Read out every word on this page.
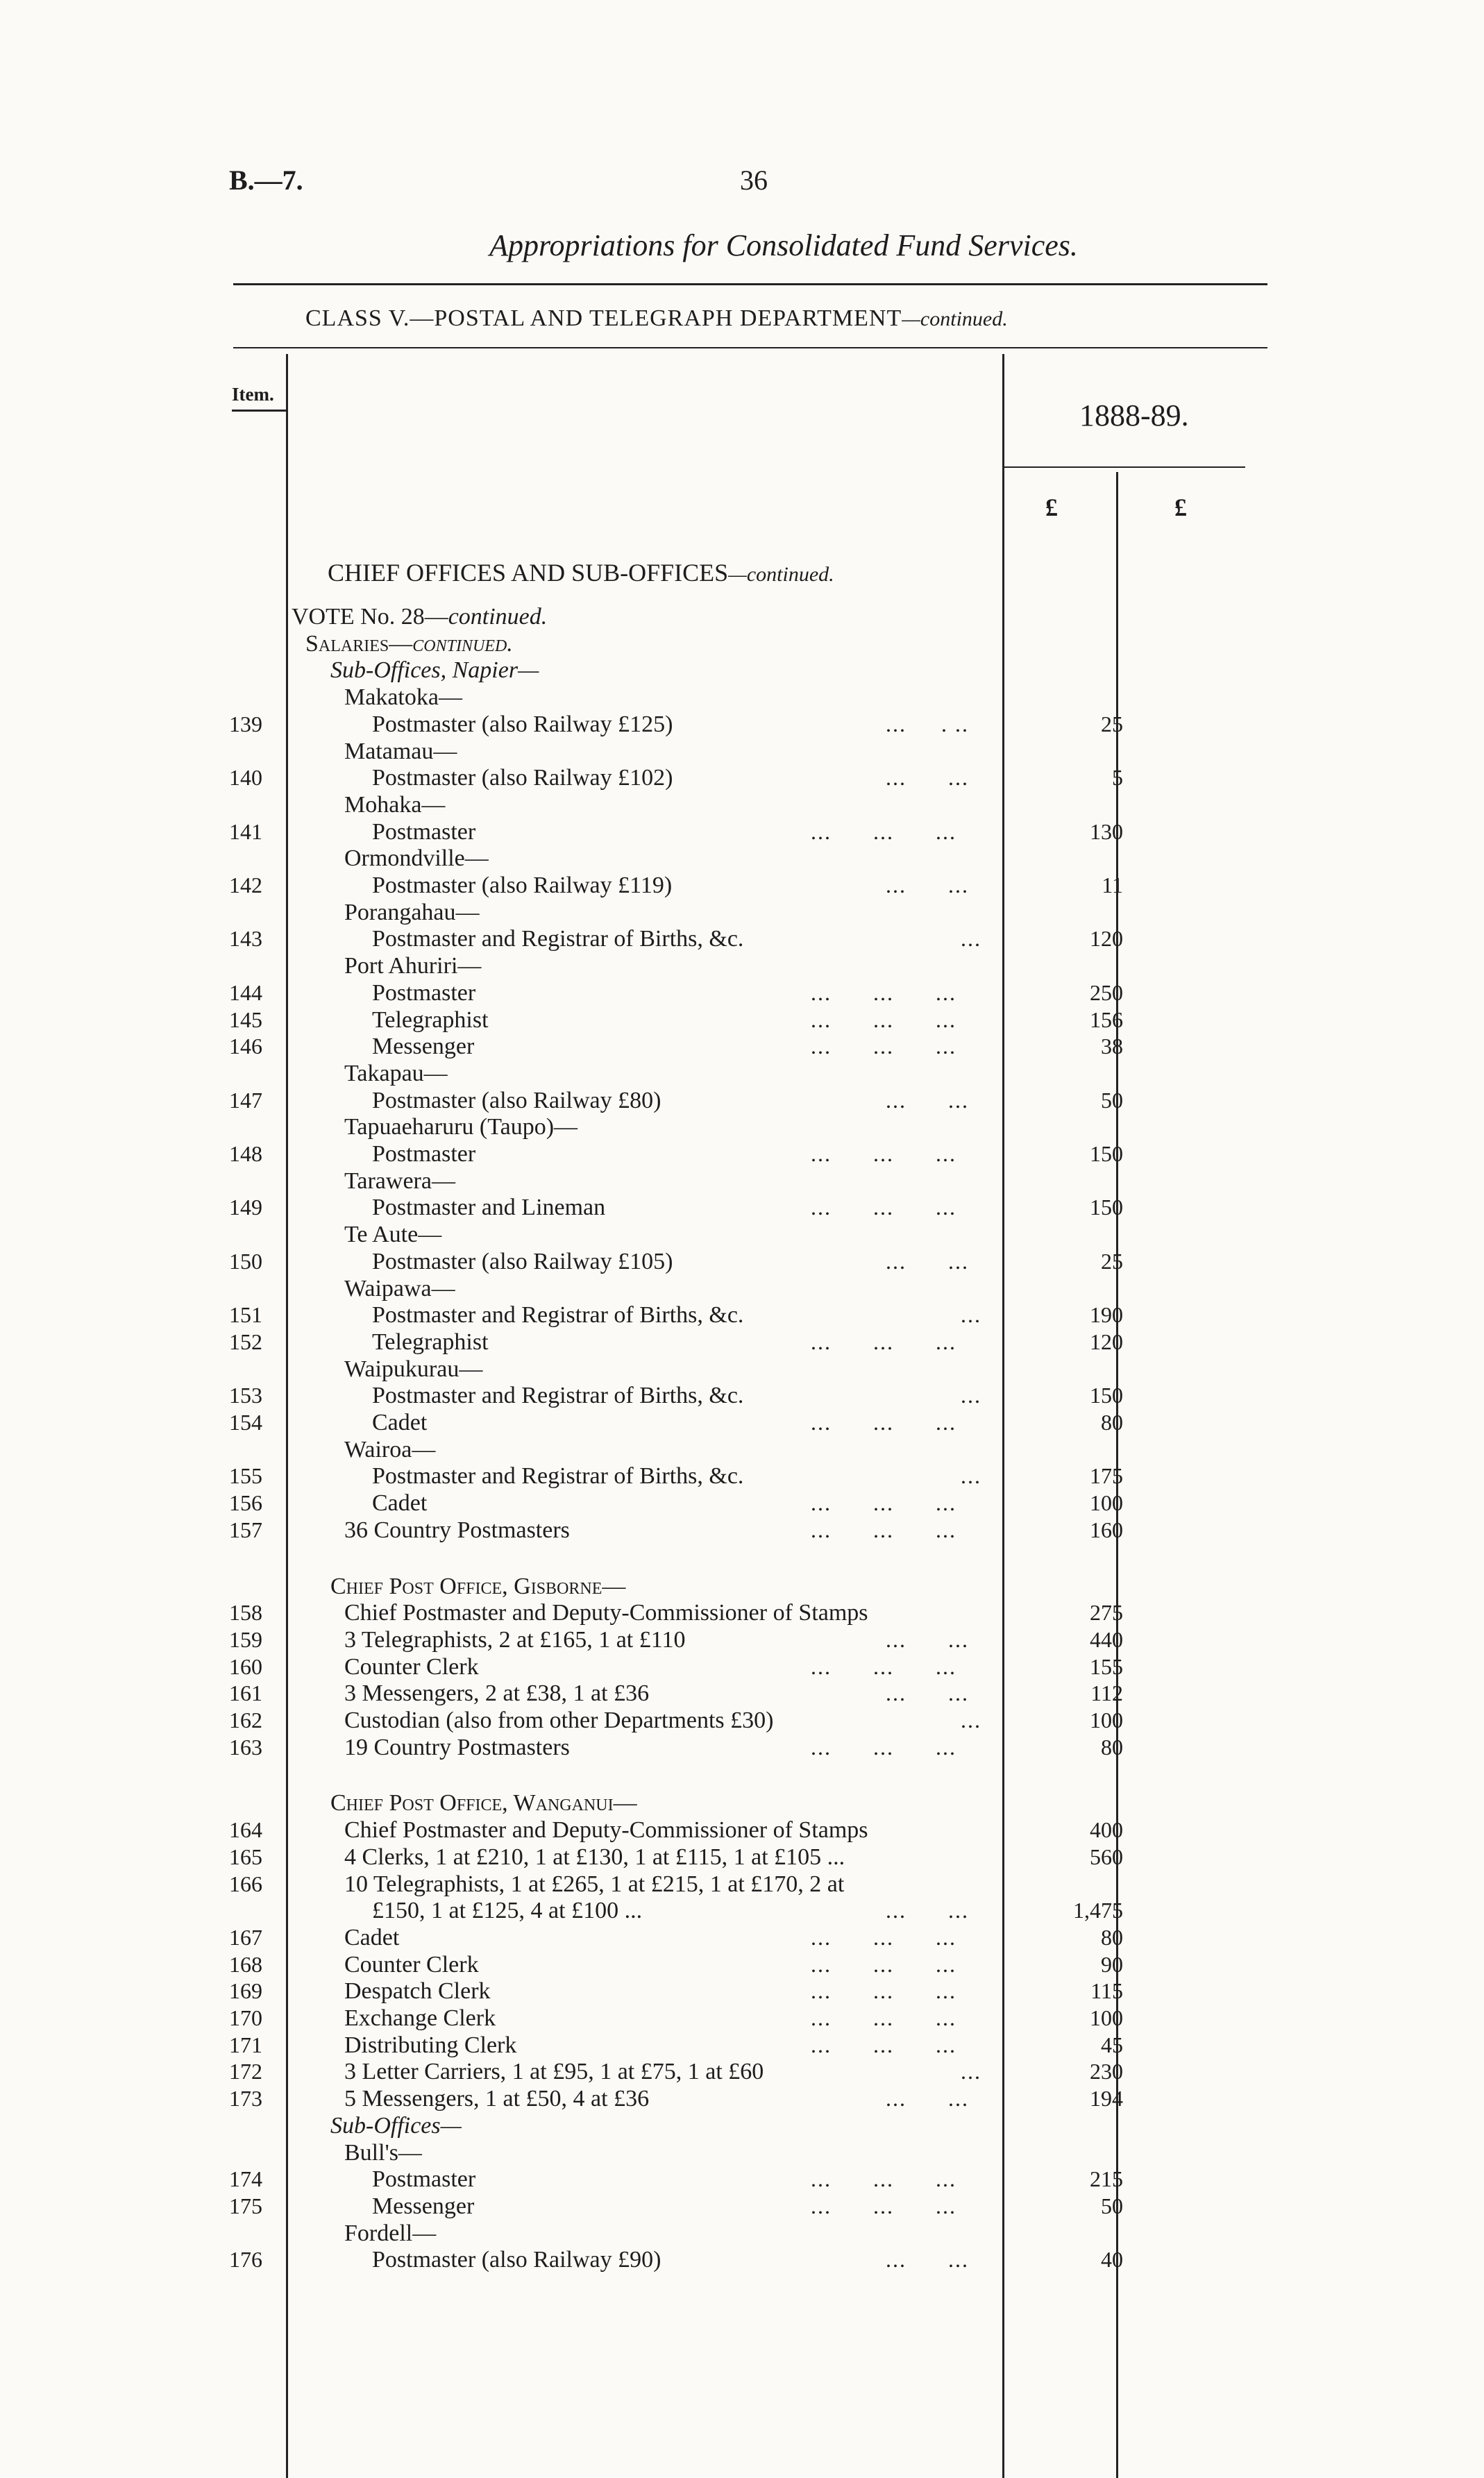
B.—7.	36
Appropriations for Consolidated Fund Services.
CLASS V.—POSTAL AND TELEGRAPH DEPARTMENT—continued.
Item.
1888-89.
£	£
CHIEF OFFICES AND SUB-OFFICES—continued.
VOTE No. 28—continued.
Salaries—continued.
Sub-Offices, Napier—
Makatoka—
139	Postmaster (also Railway £125)	...     . ..	25
Matamau—
140	Postmaster (also Railway £102)	...      ...	5
Mohaka—
141	Postmaster	...      ...      ...	130
Ormondville—
142	Postmaster (also Railway £119)	...      ...	11
Porangahau—
143	Postmaster and Registrar of Births, &c.	...	120
Port Ahuriri—
144	Postmaster	...      ...      ...	250
145	Telegraphist	...      ...      ...	156
146	Messenger	...      ...      ...	38
Takapau—
147	Postmaster (also Railway £80)	...      ...	50
Tapuaeharuru (Taupo)—
148	Postmaster	...      ...      ...	150
Tarawera—
149	Postmaster and Lineman	...      ...      ...	150
Te Aute—
150	Postmaster (also Railway £105)	...      ...	25
Waipawa—
151	Postmaster and Registrar of Births, &c.	...	190
152	Telegraphist	...      ...      ...	120
Waipukurau—
153	Postmaster and Registrar of Births, &c.	...	150
154	Cadet	...      ...      ...	80
Wairoa—
155	Postmaster and Registrar of Births, &c.	...	175
156	Cadet	...      ...      ...	100
157	36 Country Postmasters	...      ...      ...	160
Chief Post Office, Gisborne—
158	Chief Postmaster and Deputy-Commissioner of Stamps	275
159	3 Telegraphists, 2 at £165, 1 at £110	...      ...	440
160	Counter Clerk	...      ...      ...	155
161	3 Messengers, 2 at £38, 1 at £36	...      ...	112
162	Custodian (also from other Departments £30)	...	100
163	19 Country Postmasters	...      ...      ...	80
Chief Post Office, Wanganui—
164	Chief Postmaster and Deputy-Commissioner of Stamps	400
165	4 Clerks, 1 at £210, 1 at £130, 1 at £115, 1 at £105 ...	560
166	10 Telegraphists, 1 at £265, 1 at £215, 1 at £170, 2 at
£150, 1 at £125, 4 at £100 ...	...      ...	1,475
167	Cadet	...      ...      ...	80
168	Counter Clerk	...      ...      ...	90
169	Despatch Clerk	...      ...      ...	115
170	Exchange Clerk	...      ...      ...	100
171	Distributing Clerk	...      ...      ...	45
172	3 Letter Carriers, 1 at £95, 1 at £75, 1 at £60	...	230
173	5 Messengers, 1 at £50, 4 at £36	...      ...	194
Sub-Offices—
Bull's—
174	Postmaster	...      ...      ...	215
175	Messenger	...      ...      ...	50
Fordell—
176	Postmaster (also Railway £90)	...      ...	40
